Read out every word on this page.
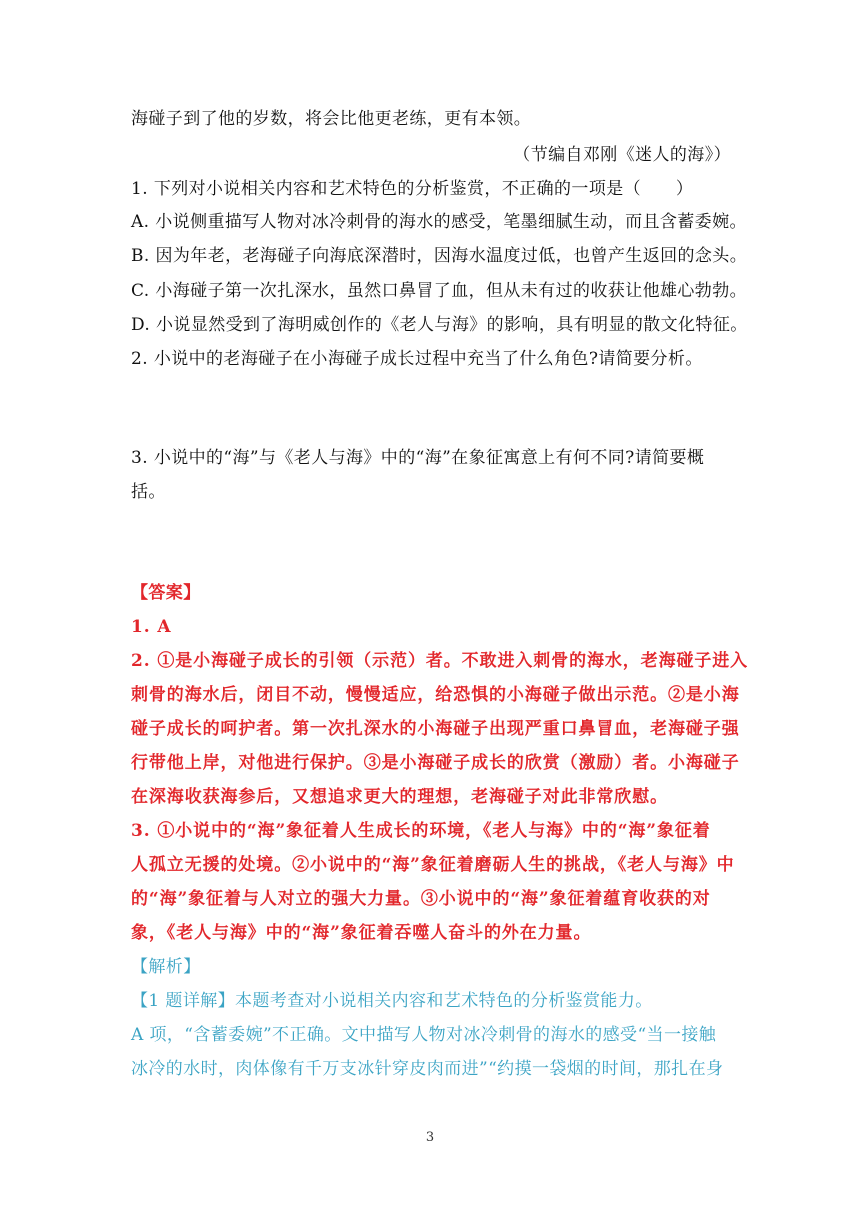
海碰子到了他的岁数，将会比他更老练，更有本领。
（节编自邓刚《迷人的海》）
1. 下列对小说相关内容和艺术特色的分析鉴赏，不正确的一项是（　　）
A. 小说侧重描写人物对冰冷刺骨的海水的感受，笔墨细腻生动，而且含蓄委婉。
B. 因为年老，老海碰子向海底深潜时，因海水温度过低，也曾产生返回的念头。
C. 小海碰子第一次扎深水，虽然口鼻冒了血，但从未有过的收获让他雄心勃勃。
D. 小说显然受到了海明威创作的《老人与海》的影响，具有明显的散文化特征。
2. 小说中的老海碰子在小海碰子成长过程中充当了什么角色?请简要分析。
3. 小说中的“海”与《老人与海》中的“海”在象征寓意上有何不同?请简要概
括。
【答案】
1. A
2. ①是小海碰子成长的引领（示范）者。不敢进入刺骨的海水，老海碰子进入
刺骨的海水后，闭目不动，慢慢适应，给恐惧的小海碰子做出示范。②是小海
碰子成长的呵护者。第一次扎深水的小海碰子出现严重口鼻冒血，老海碰子强
行带他上岸，对他进行保护。③是小海碰子成长的欣赏（激励）者。小海碰子
在深海收获海参后，又想追求更大的理想，老海碰子对此非常欣慰。
3. ①小说中的“海”象征着人生成长的环境，《老人与海》中的“海”象征着
人孤立无援的处境。②小说中的“海”象征着磨砺人生的挑战，《老人与海》中
的“海”象征着与人对立的强大力量。③小说中的“海”象征着蕴育收获的对
象，《老人与海》中的“海”象征着吞噬人奋斗的外在力量。
【解析】
【1 题详解】本题考查对小说相关内容和艺术特色的分析鉴赏能力。
A 项，“含蓄委婉”不正确。文中描写人物对冰冷刺骨的海水的感受“当一接触
冰冷的水时，肉体像有千万支冰针穿皮肉而进”“约摸一袋烟的时间，那扎在身
3
